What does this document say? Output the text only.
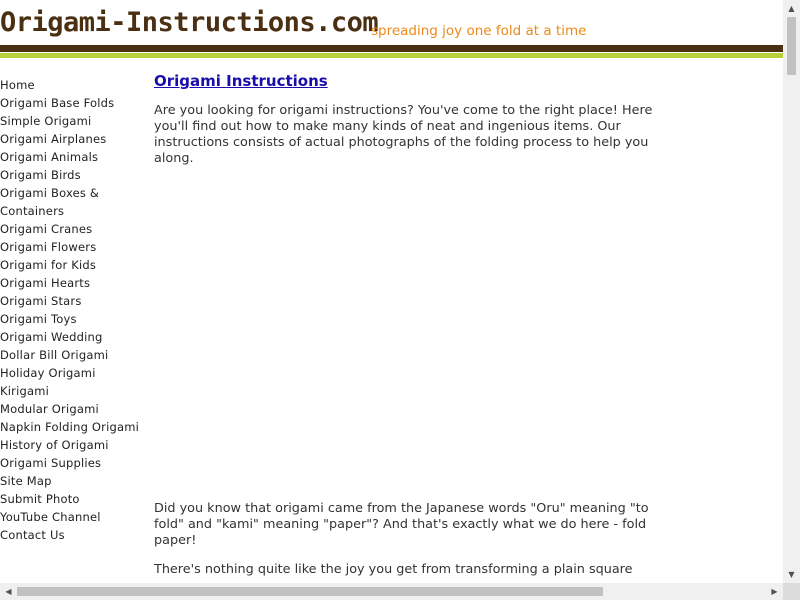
Origami-Instructions.com
spreading joy one fold at a time
Home
Origami Base Folds
Simple Origami
Origami Airplanes
Origami Animals
Origami Birds
Origami Boxes &
Containers
Origami Cranes
Origami Flowers
Origami for Kids
Origami Hearts
Origami Stars
Origami Toys
Origami Wedding
Dollar Bill Origami
Holiday Origami
Kirigami
Modular Origami
Napkin Folding Origami
History of Origami
Origami Supplies
Site Map
Submit Photo
YouTube Channel
Contact Us
Origami Instructions

Are you looking for origami instructions? You've come to the right place! Here you'll find out how to make many kinds of neat and ingenious items. Our instructions consists of actual photographs of the folding process to help you along.

Did you know that origami came from the Japanese words "Oru" meaning "to fold" and "kami" meaning "paper"? And that's exactly what we do here - fold paper!

There's nothing quite like the joy you get from transforming a plain square

▲
▼
◀	▶
